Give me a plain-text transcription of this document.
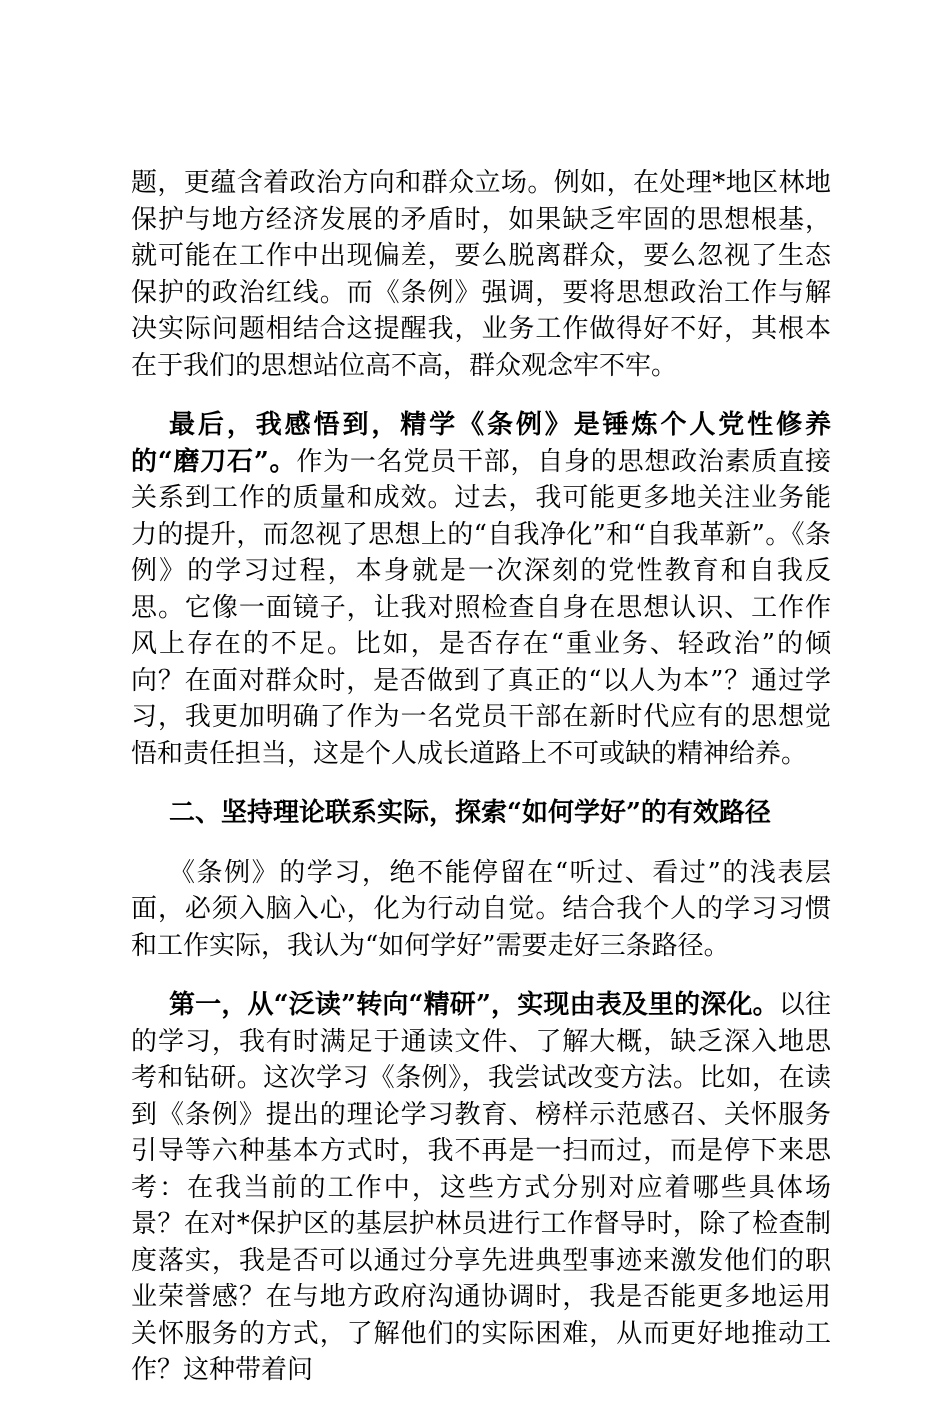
题，更蕴含着政治方向和群众立场。例如，在处理*地区林地保护与地方经济发展的矛盾时，如果缺乏牢固的思想根基，就可能在工作中出现偏差，要么脱离群众，要么忽视了生态保护的政治红线。而《条例》强调，要将思想政治工作与解决实际问题相结合这提醒我，业务工作做得好不好，其根本在于我们的思想站位高不高，群众观念牢不牢。

最后，我感悟到，精学《条例》是锤炼个人党性修养的“磨刀石”。作为一名党员干部，自身的思想政治素质直接关系到工作的质量和成效。过去，我可能更多地关注业务能力的提升，而忽视了思想上的“自我净化”和“自我革新”。《条例》的学习过程，本身就是一次深刻的党性教育和自我反思。它像一面镜子，让我对照检查自身在思想认识、工作作风上存在的不足。比如，是否存在“重业务、轻政治”的倾向？在面对群众时，是否做到了真正的“以人为本”？通过学习，我更加明确了作为一名党员干部在新时代应有的思想觉悟和责任担当，这是个人成长道路上不可或缺的精神给养。

二、坚持理论联系实际，探索“如何学好”的有效路径

《条例》的学习，绝不能停留在“听过、看过”的浅表层面，必须入脑入心，化为行动自觉。结合我个人的学习习惯和工作实际，我认为“如何学好”需要走好三条路径。

第一，从“泛读”转向“精研”，实现由表及里的深化。以往的学习，我有时满足于通读文件、了解大概，缺乏深入地思考和钻研。这次学习《条例》，我尝试改变方法。比如，在读到《条例》提出的理论学习教育、榜样示范感召、关怀服务引导等六种基本方式时，我不再是一扫而过，而是停下来思考：在我当前的工作中，这些方式分别对应着哪些具体场景？在对*保护区的基层护林员进行工作督导时，除了检查制度落实，我是否可以通过分享先进典型事迹来激发他们的职业荣誉感？在与地方政府沟通协调时，我是否能更多地运用关怀服务的方式，了解他们的实际困难，从而更好地推动工作？这种带着问
